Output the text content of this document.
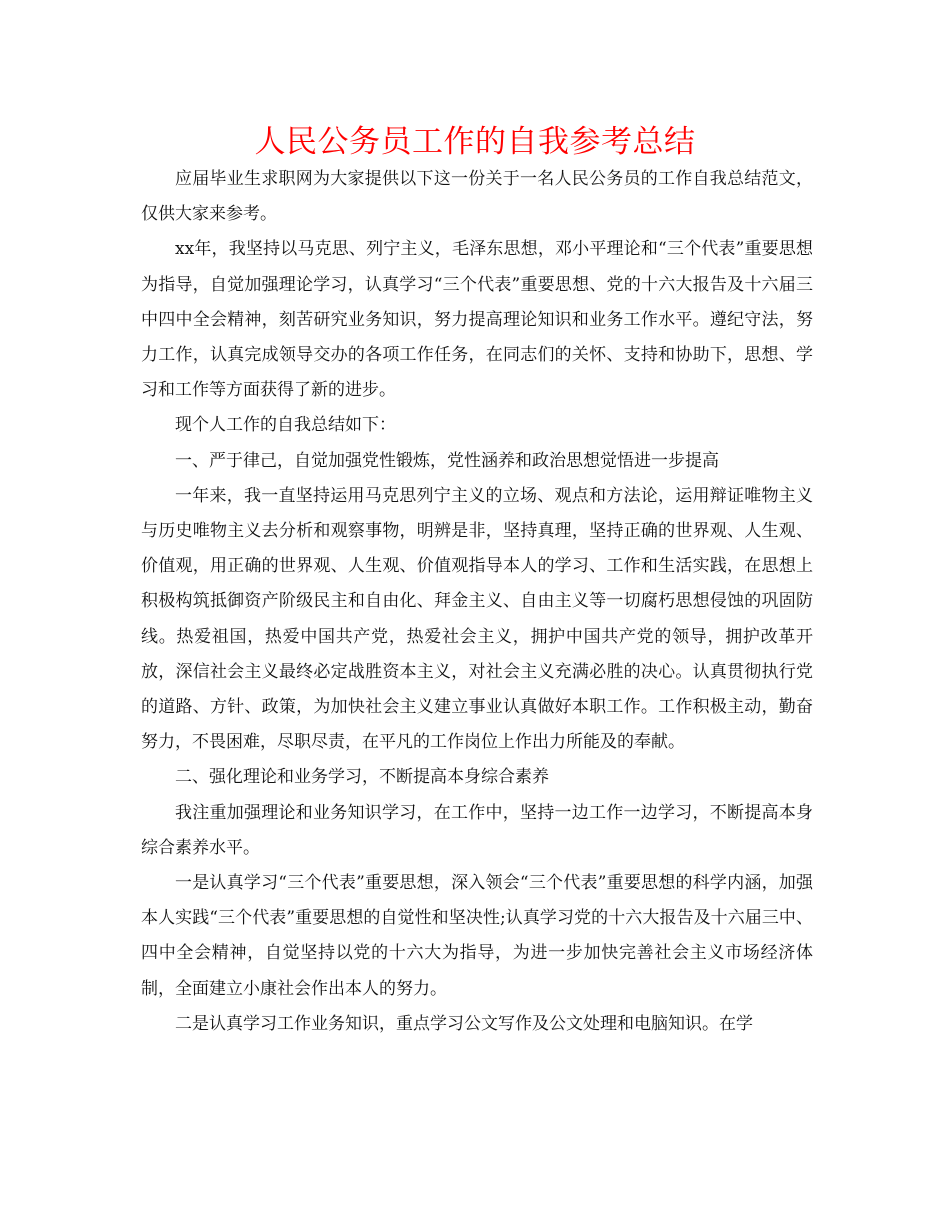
人民公务员工作的自我参考总结

应届毕业生求职网为大家提供以下这一份关于一名人民公务员的工作自我总结范文，仅供大家来参考。

xx年，我坚持以马克思、列宁主义，毛泽东思想，邓小平理论和“三个代表”重要思想为指导，自觉加强理论学习，认真学习“三个代表”重要思想、党的十六大报告及十六届三中四中全会精神，刻苦研究业务知识，努力提高理论知识和业务工作水平。遵纪守法，努力工作，认真完成领导交办的各项工作任务，在同志们的关怀、支持和协助下，思想、学习和工作等方面获得了新的进步。

现个人工作的自我总结如下：

一、严于律己，自觉加强党性锻炼，党性涵养和政治思想觉悟进一步提高

一年来，我一直坚持运用马克思列宁主义的立场、观点和方法论，运用辩证唯物主义与历史唯物主义去分析和观察事物，明辨是非，坚持真理，坚持正确的世界观、人生观、价值观，用正确的世界观、人生观、价值观指导本人的学习、工作和生活实践，在思想上积极构筑抵御资产阶级民主和自由化、拜金主义、自由主义等一切腐朽思想侵蚀的巩固防线。热爱祖国，热爱中国共产党，热爱社会主义，拥护中国共产党的领导，拥护改革开放，深信社会主义最终必定战胜资本主义，对社会主义充满必胜的决心。认真贯彻执行党的道路、方针、政策，为加快社会主义建立事业认真做好本职工作。工作积极主动，勤奋努力，不畏困难，尽职尽责，在平凡的工作岗位上作出力所能及的奉献。

二、强化理论和业务学习，不断提高本身综合素养

我注重加强理论和业务知识学习，在工作中，坚持一边工作一边学习，不断提高本身综合素养水平。

一是认真学习“三个代表”重要思想，深入领会“三个代表”重要思想的科学内涵，加强本人实践“三个代表”重要思想的自觉性和坚决性;认真学习党的十六大报告及十六届三中、四中全会精神，自觉坚持以党的十六大为指导，为进一步加快完善社会主义市场经济体制，全面建立小康社会作出本人的努力。

二是认真学习工作业务知识，重点学习公文写作及公文处理和电脑知识。在学
